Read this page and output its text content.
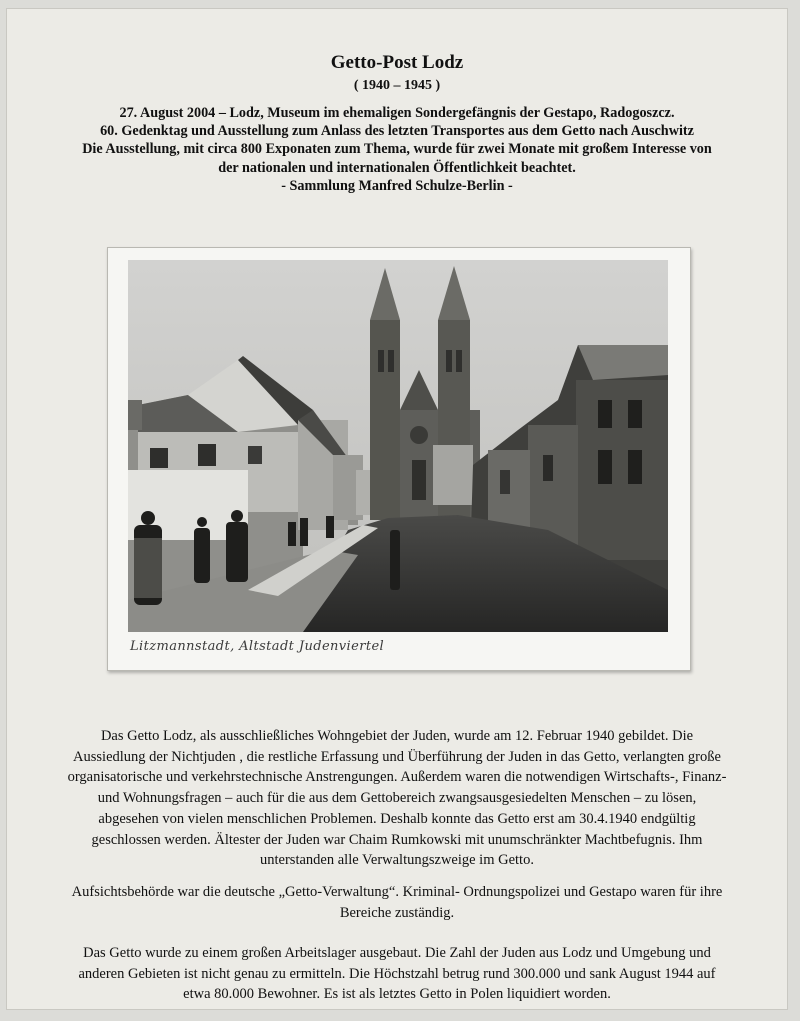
Getto-Post Lodz
( 1940 – 1945 )
27. August 2004 – Lodz, Museum im ehemaligen Sondergefängnis der Gestapo, Radogoszcz.
60. Gedenktag und Ausstellung zum Anlass des letzten Transportes aus dem Getto nach Auschwitz
Die Ausstellung, mit circa 800 Exponaten zum Thema, wurde für zwei Monate mit großem Interesse von
der nationalen und internationalen Öffentlichkeit beachtet.
- Sammlung Manfred Schulze-Berlin -
Litzmannstadt, Altstadt Judenviertel
Das Getto Lodz, als ausschließliches Wohngebiet der Juden, wurde am 12. Februar 1940 gebildet. Die
Aussiedlung der Nichtjuden , die restliche Erfassung und Überführung der Juden in das Getto, verlangten große
organisatorische und verkehrstechnische Anstrengungen. Außerdem waren die notwendigen Wirtschafts-, Finanz-
und Wohnungsfragen – auch für die aus dem Gettobereich zwangsausgesiedelten Menschen – zu lösen,
abgesehen von vielen menschlichen Problemen. Deshalb konnte das Getto erst am 30.4.1940 endgültig
geschlossen werden. Ältester der Juden war Chaim Rumkowski mit unumschränkter Machtbefugnis. Ihm
unterstanden alle Verwaltungszweige im Getto.
Aufsichtsbehörde war die deutsche „Getto-Verwaltung“. Kriminal- Ordnungspolizei und Gestapo waren für ihre
Bereiche zuständig.
Das Getto wurde zu einem großen Arbeitslager ausgebaut. Die Zahl der Juden aus Lodz und Umgebung und
anderen Gebieten ist nicht genau zu ermitteln. Die Höchstzahl betrug rund 300.000 und sank August 1944 auf
etwa 80.000 Bewohner. Es ist als letztes Getto in Polen liquidiert worden.
